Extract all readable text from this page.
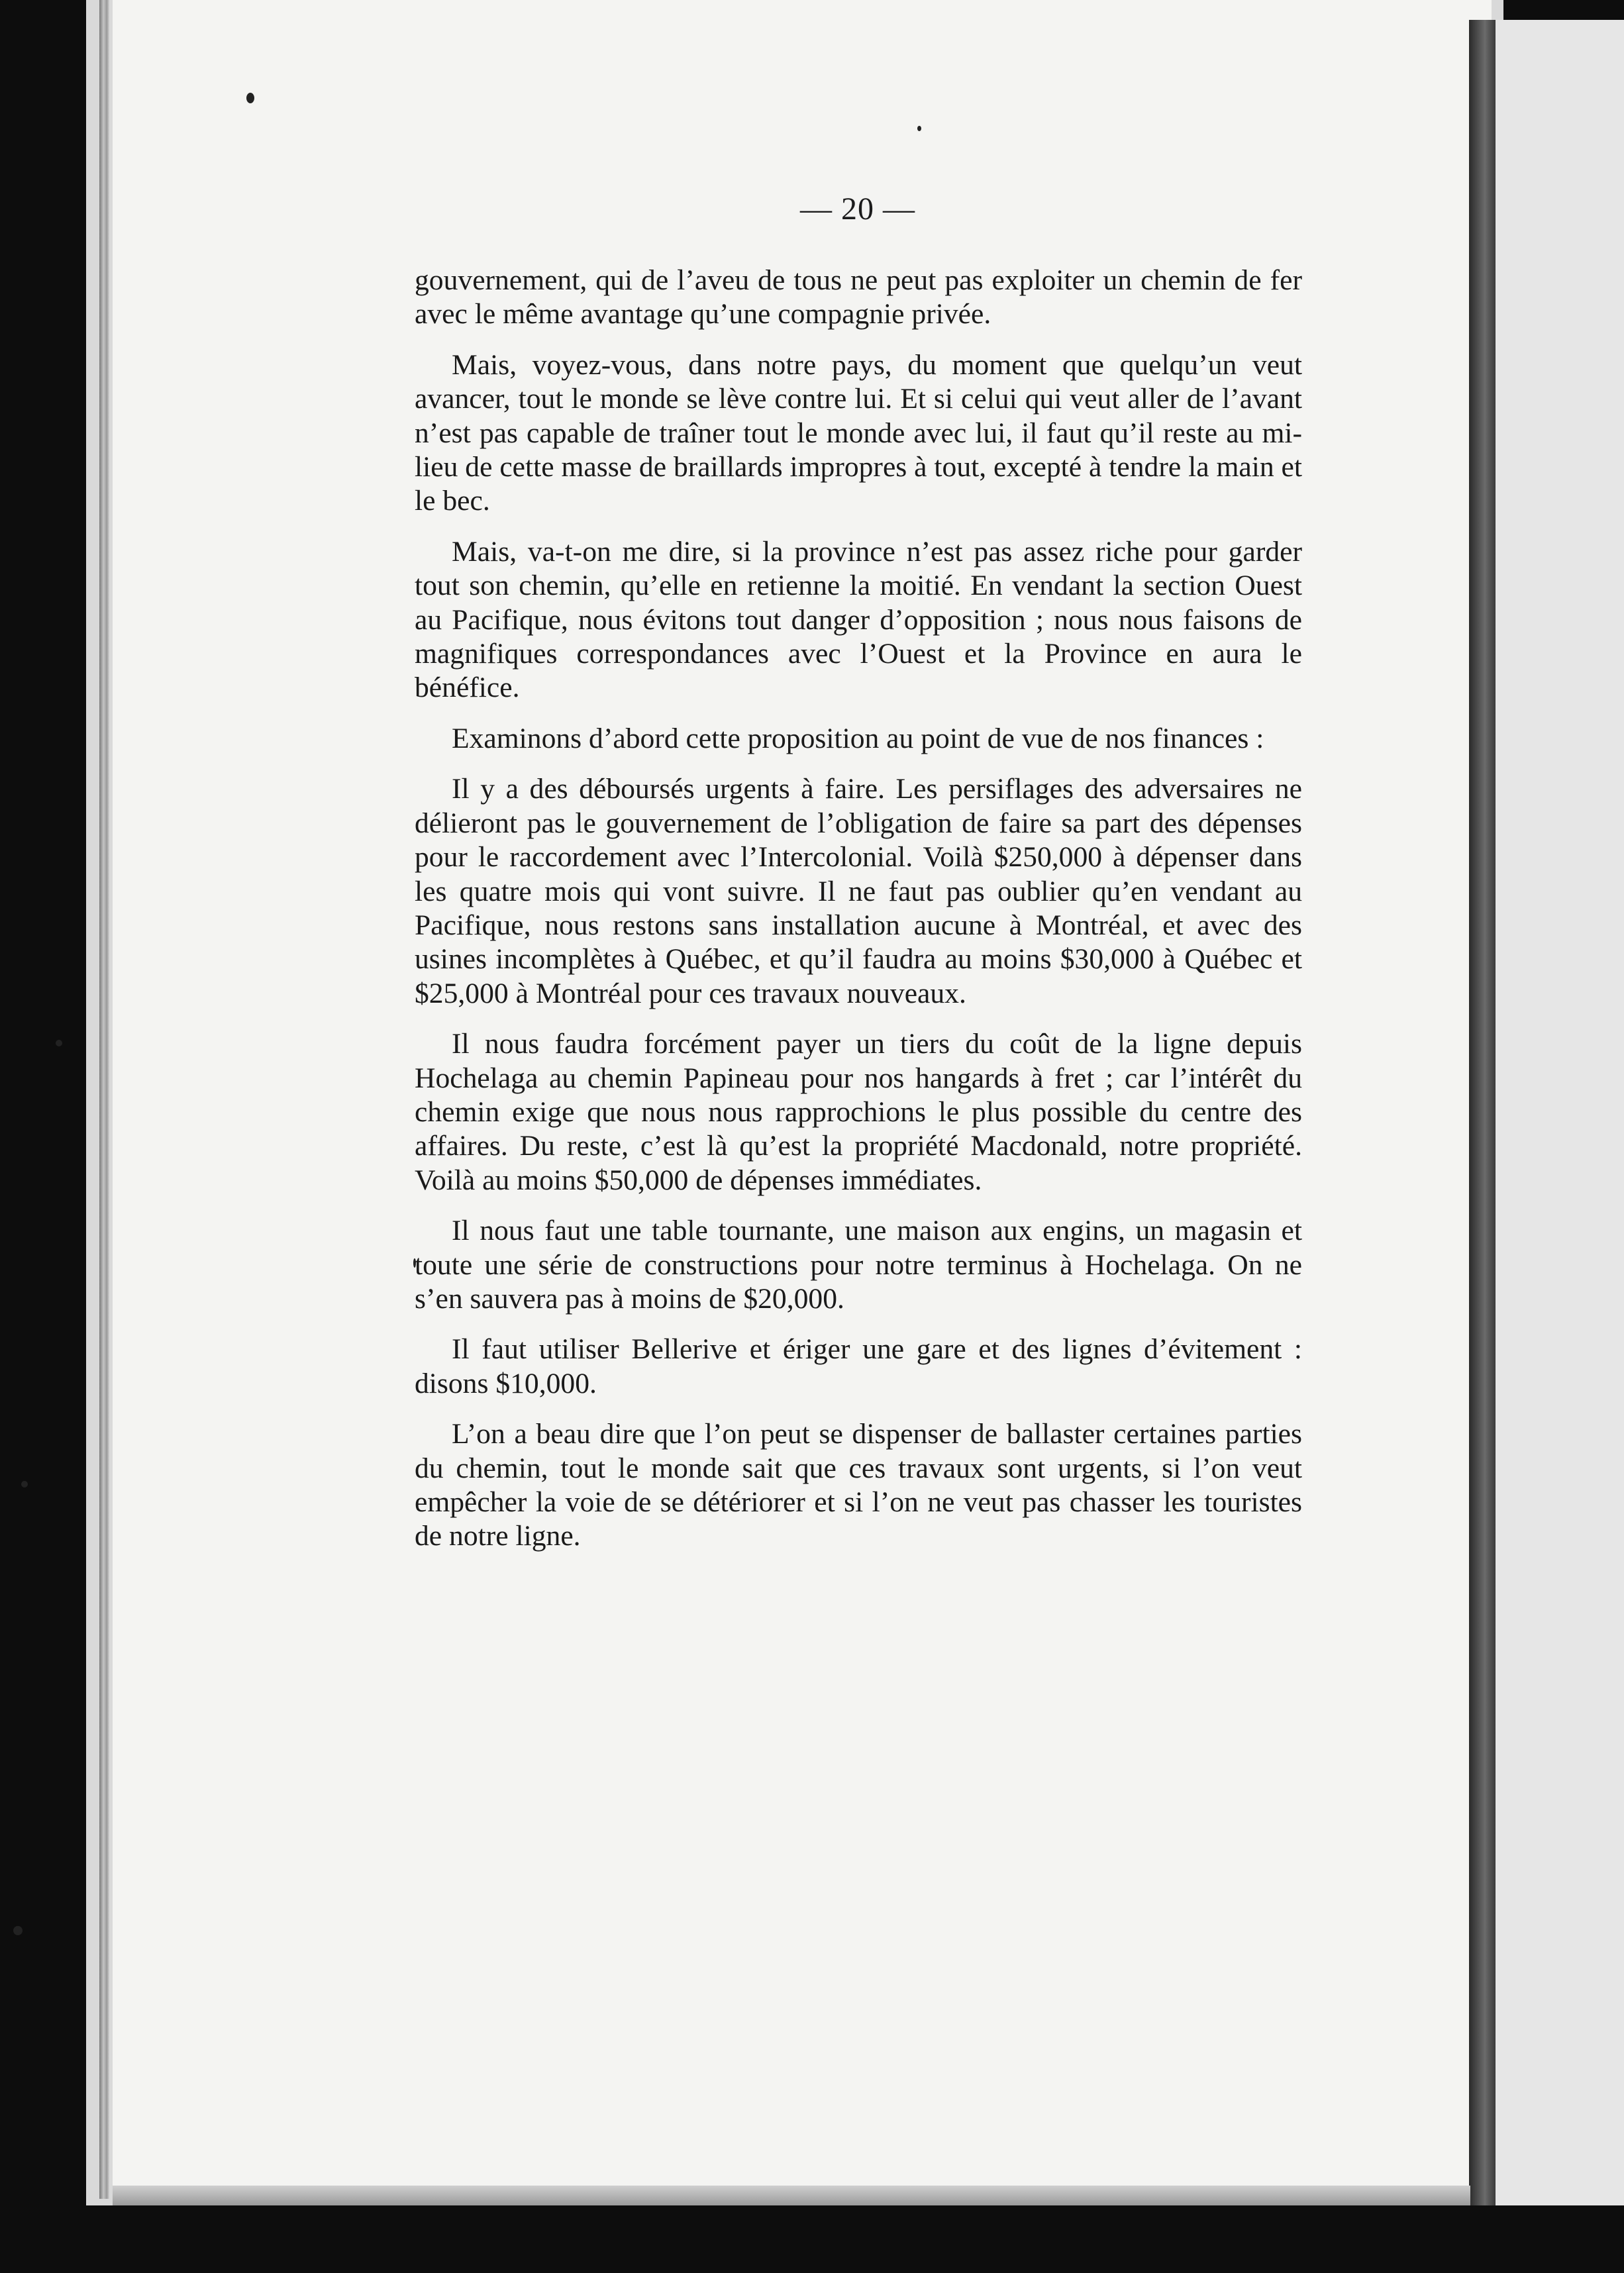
— 20 —

gouvernement, qui de l’aveu de tous ne peut pas exploiter un chemin de fer avec le même avantage qu’une compagnie privée.

Mais, voyez-vous, dans notre pays, du moment que quelqu’un veut avancer, tout le monde se lève contre lui. Et si celui qui veut aller de l’avant n’est pas capable de traîner tout le monde avec lui, il faut qu’il reste au milieu de cette masse de braillards impropres à tout, excepté à tendre la main et le bec.

Mais, va-t-on me dire, si la province n’est pas assez riche pour garder tout son chemin, qu’elle en retienne la moitié. En vendant la section Ouest au Pacifique, nous évitons tout danger d’opposition ; nous nous faisons de magnifiques correspondances avec l’Ouest et la Province en aura le bénéfice.

Examinons d’abord cette proposition au point de vue de nos finances :

Il y a des déboursés urgents à faire. Les persiflages des adversaires ne délieront pas le gouvernement de l’obligation de faire sa part des dépenses pour le raccordement avec l’Intercolonial. Voilà $250,000 à dépenser dans les quatre mois qui vont suivre. Il ne faut pas oublier qu’en vendant au Pacifique, nous restons sans installation aucune à Montréal, et avec des usines incomplètes à Québec, et qu’il faudra au moins $30,000 à Québec et $25,000 à Montréal pour ces travaux nouveaux.

Il nous faudra forcément payer un tiers du coût de la ligne depuis Hochelaga au chemin Papineau pour nos hangards à fret ; car l’intérêt du chemin exige que nous nous rapprochions le plus possible du centre des affaires. Du reste, c’est là qu’est la propriété Macdonald, notre propriété. Voilà au moins $50,000 de dépenses immédiates.

Il nous faut une table tournante, une maison aux engins, un magasin et toute une série de constructions pour notre terminus à Hochelaga. On ne s’en sauvera pas à moins de $20,000.

Il faut utiliser Bellerive et ériger une gare et des lignes d’évitement : disons $10,000.

L’on a beau dire que l’on peut se dispenser de ballaster certaines parties du chemin, tout le monde sait que ces travaux sont urgents, si l’on veut empêcher la voie de se détériorer et si l’on ne veut pas chasser les touristes de notre ligne.
